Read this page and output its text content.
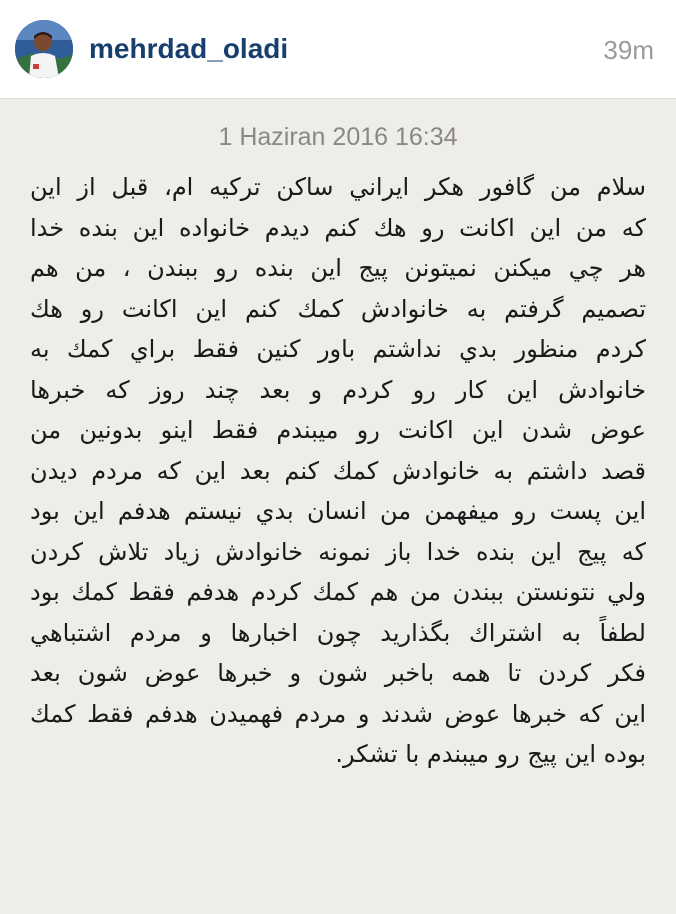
mehrdad_oladi	39m
1 Haziran 2016 16:34
سلام من گافور هكر ايراني ساكن تركيه ام، قبل از اين
كه من اين اكانت رو هك كنم ديدم خانواده اين بنده خدا
هر چي ميكنن نميتونن پيج اين بنده رو ببندن ، من هم
تصميم گرفتم به خانوادش كمك كنم اين اكانت رو هك
كردم منظور بدي نداشتم باور كنين فقط براي كمك به
خانوادش اين كار رو كردم و بعد چند روز كه خبرها
عوض شدن اين اكانت رو ميبندم فقط اينو بدونين من
قصد داشتم به خانوادش كمك كنم بعد اين كه مردم ديدن
اين پست رو ميفهمن من انسان بدي نيستم هدفم اين بود
كه پيج اين بنده خدا باز نمونه خانوادش زياد تلاش كردن
ولي نتونستن ببندن من هم كمك كردم هدفم فقط كمك بود
لطفاً به اشتراك بگذاريد چون اخبارها و مردم اشتباهي
فكر كردن تا همه باخبر شون و خبرها عوض شون بعد
اين كه خبرها عوض شدند و مردم فهميدن هدفم فقط كمك
بوده اين پيج رو ميبندم با تشكر.
